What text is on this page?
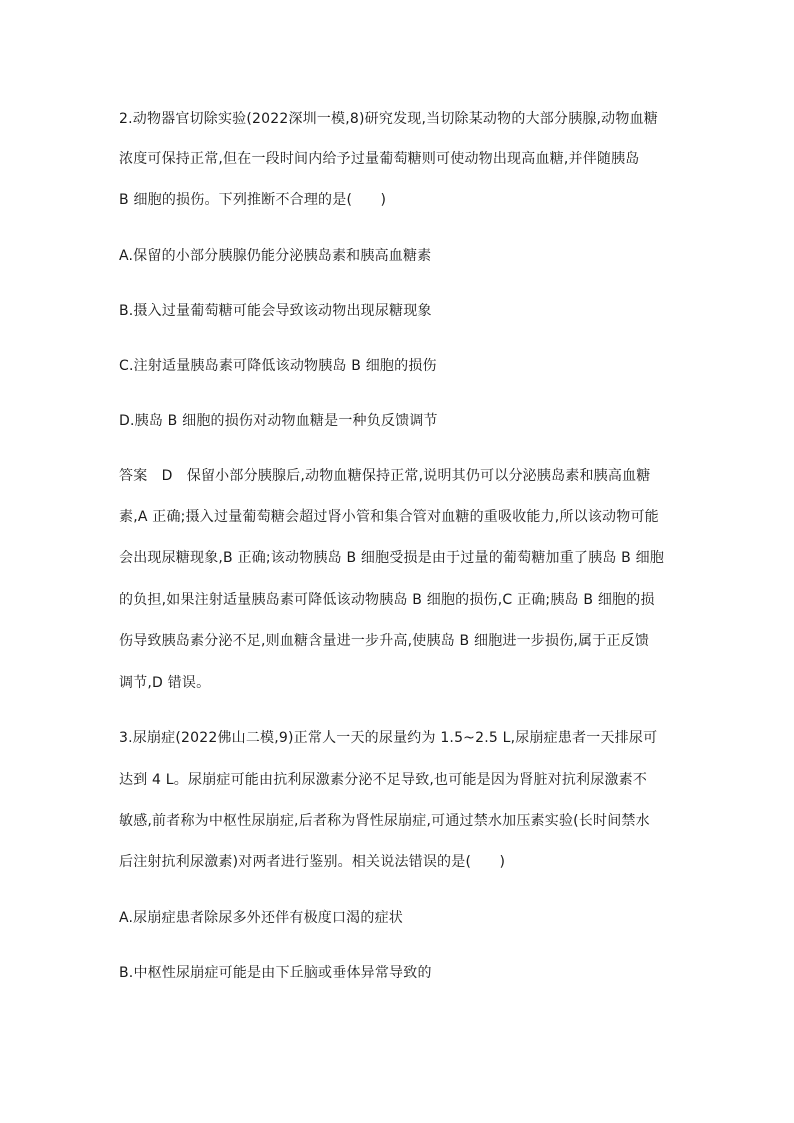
2.动物器官切除实验(2022深圳一模,8)研究发现,当切除某动物的大部分胰腺,动物血糖
浓度可保持正常,但在一段时间内给予过量葡萄糖则可使动物出现高血糖,并伴随胰岛
B 细胞的损伤。下列推断不合理的是(　　)
A.保留的小部分胰腺仍能分泌胰岛素和胰高血糖素
B.摄入过量葡萄糖可能会导致该动物出现尿糖现象
C.注射适量胰岛素可降低该动物胰岛 B 细胞的损伤
D.胰岛 B 细胞的损伤对动物血糖是一种负反馈调节
答案　D　保留小部分胰腺后,动物血糖保持正常,说明其仍可以分泌胰岛素和胰高血糖
素,A 正确;摄入过量葡萄糖会超过肾小管和集合管对血糖的重吸收能力,所以该动物可能
会出现尿糖现象,B 正确;该动物胰岛 B 细胞受损是由于过量的葡萄糖加重了胰岛 B 细胞
的负担,如果注射适量胰岛素可降低该动物胰岛 B 细胞的损伤,C 正确;胰岛 B 细胞的损
伤导致胰岛素分泌不足,则血糖含量进一步升高,使胰岛 B 细胞进一步损伤,属于正反馈
调节,D 错误。
3.尿崩症(2022佛山二模,9)正常人一天的尿量约为 1.5~2.5 L,尿崩症患者一天排尿可
达到 4 L。尿崩症可能由抗利尿激素分泌不足导致,也可能是因为肾脏对抗利尿激素不
敏感,前者称为中枢性尿崩症,后者称为肾性尿崩症,可通过禁水加压素实验(长时间禁水
后注射抗利尿激素)对两者进行鉴别。相关说法错误的是(　　)
A.尿崩症患者除尿多外还伴有极度口渴的症状
B.中枢性尿崩症可能是由下丘脑或垂体异常导致的
